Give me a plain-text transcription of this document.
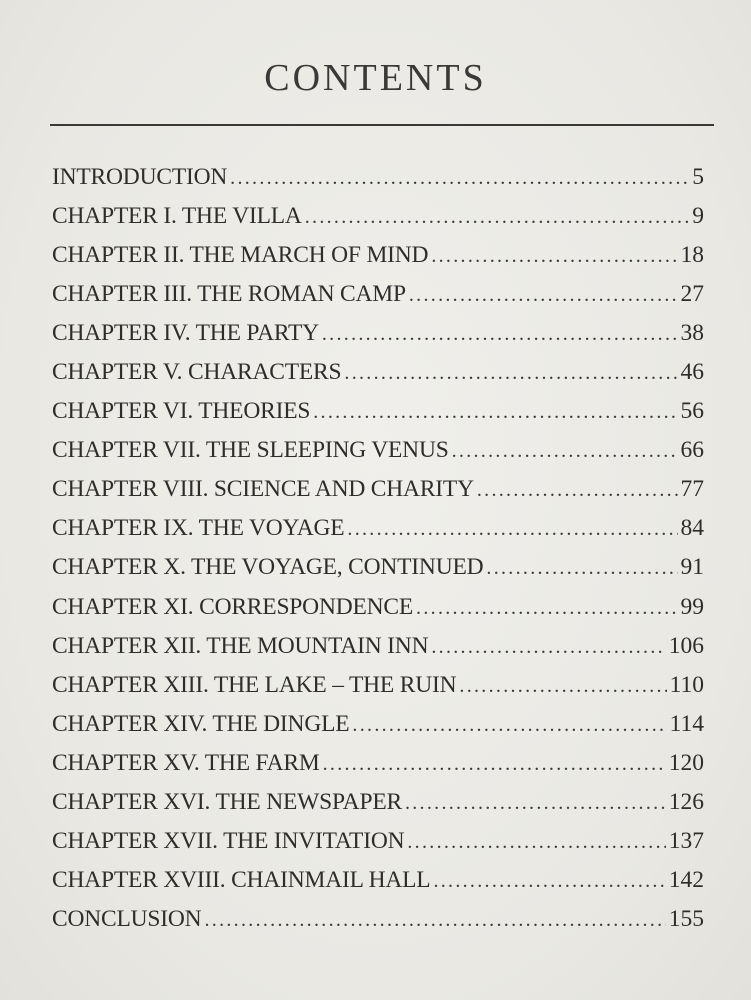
CONTENTS
INTRODUCTION .....	5
CHAPTER I. THE VILLA .....	9
CHAPTER II. THE MARCH OF MIND .....	18
CHAPTER III. THE ROMAN CAMP .....	27
CHAPTER IV. THE PARTY .....	38
CHAPTER V. CHARACTERS .....	46
CHAPTER VI. THEORIES .....	56
CHAPTER VII. THE SLEEPING VENUS .....	66
CHAPTER VIII. SCIENCE AND CHARITY .....	77
CHAPTER IX. THE VOYAGE .....	84
CHAPTER X. THE VOYAGE, CONTINUED .....	91
CHAPTER XI. CORRESPONDENCE .....	99
CHAPTER XII. THE MOUNTAIN INN .....	106
CHAPTER XIII. THE LAKE – THE RUIN .....	110
CHAPTER XIV. THE DINGLE .....	114
CHAPTER XV. THE FARM .....	120
CHAPTER XVI. THE NEWSPAPER .....	126
CHAPTER XVII. THE INVITATION .....	137
CHAPTER XVIII. CHAINMAIL HALL .....	142
CONCLUSION .....	155
